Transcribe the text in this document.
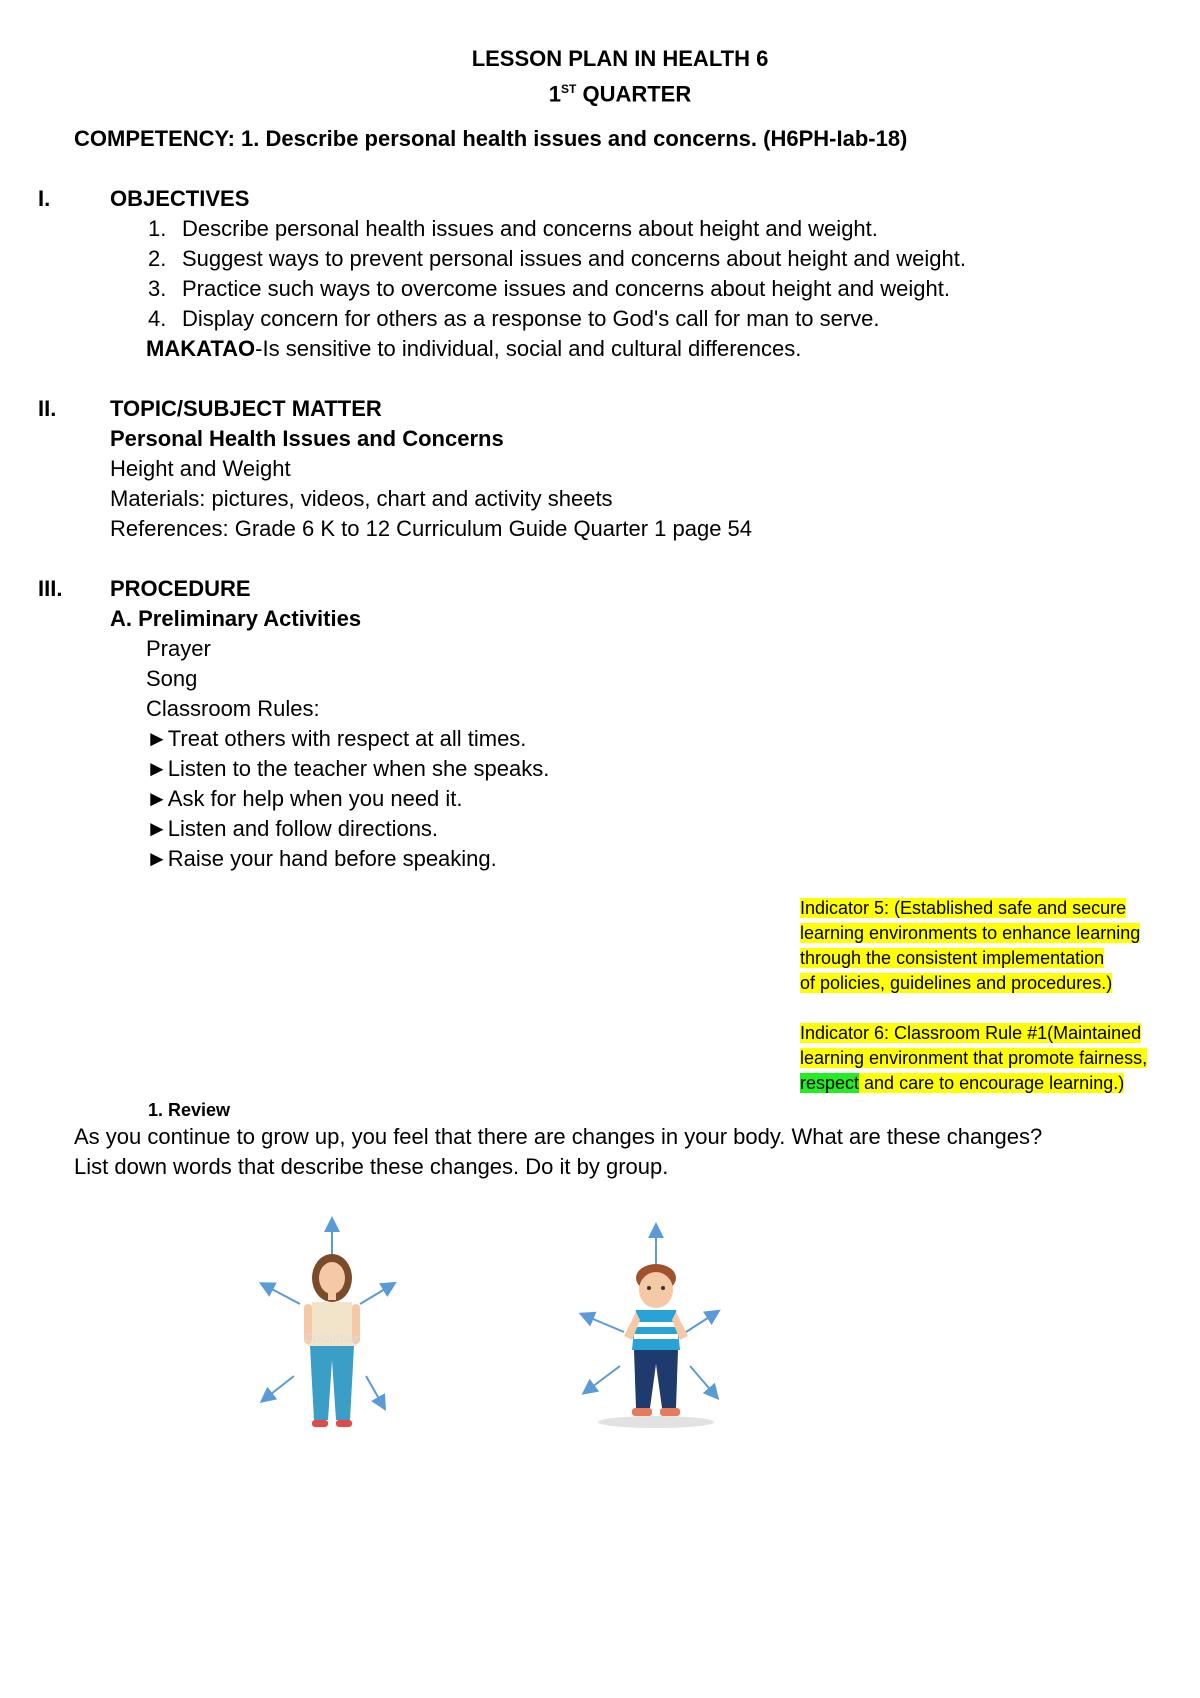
LESSON PLAN IN HEALTH 6
1ST QUARTER
COMPETENCY: 1. Describe personal health issues and concerns. (H6PH-Iab-18)
I.	OBJECTIVES
1. Describe personal health issues and concerns about height and weight.
2. Suggest ways to prevent personal issues and concerns about height and weight.
3. Practice such ways to overcome issues and concerns about height and weight.
4. Display concern for others as a response to God's call for man to serve.
MAKATAO-Is sensitive to individual, social and cultural differences.
II. TOPIC/SUBJECT MATTER
Personal Health Issues and Concerns
Height and Weight
Materials: pictures, videos, chart and activity sheets
References: Grade 6 K to 12 Curriculum Guide Quarter 1 page 54
III. PROCEDURE
A. Preliminary Activities
Prayer
Song
Classroom Rules:
►Treat others with respect at all times.
►Listen to the teacher when she speaks.
►Ask for help when you need it.
►Listen and follow directions.
►Raise your hand before speaking.
Indicator 5: (Established safe and secure
learning environments to enhance learning
through the consistent implementation
of policies, guidelines and procedures.)
Indicator 6: Classroom Rule #1(Maintained
learning environment that promote fairness,
respect and care to encourage learning.)
1. Review
As you continue to grow up, you feel that there are changes in your body. What are these changes?
List down words that describe these changes. Do it by group.
Colourbox
